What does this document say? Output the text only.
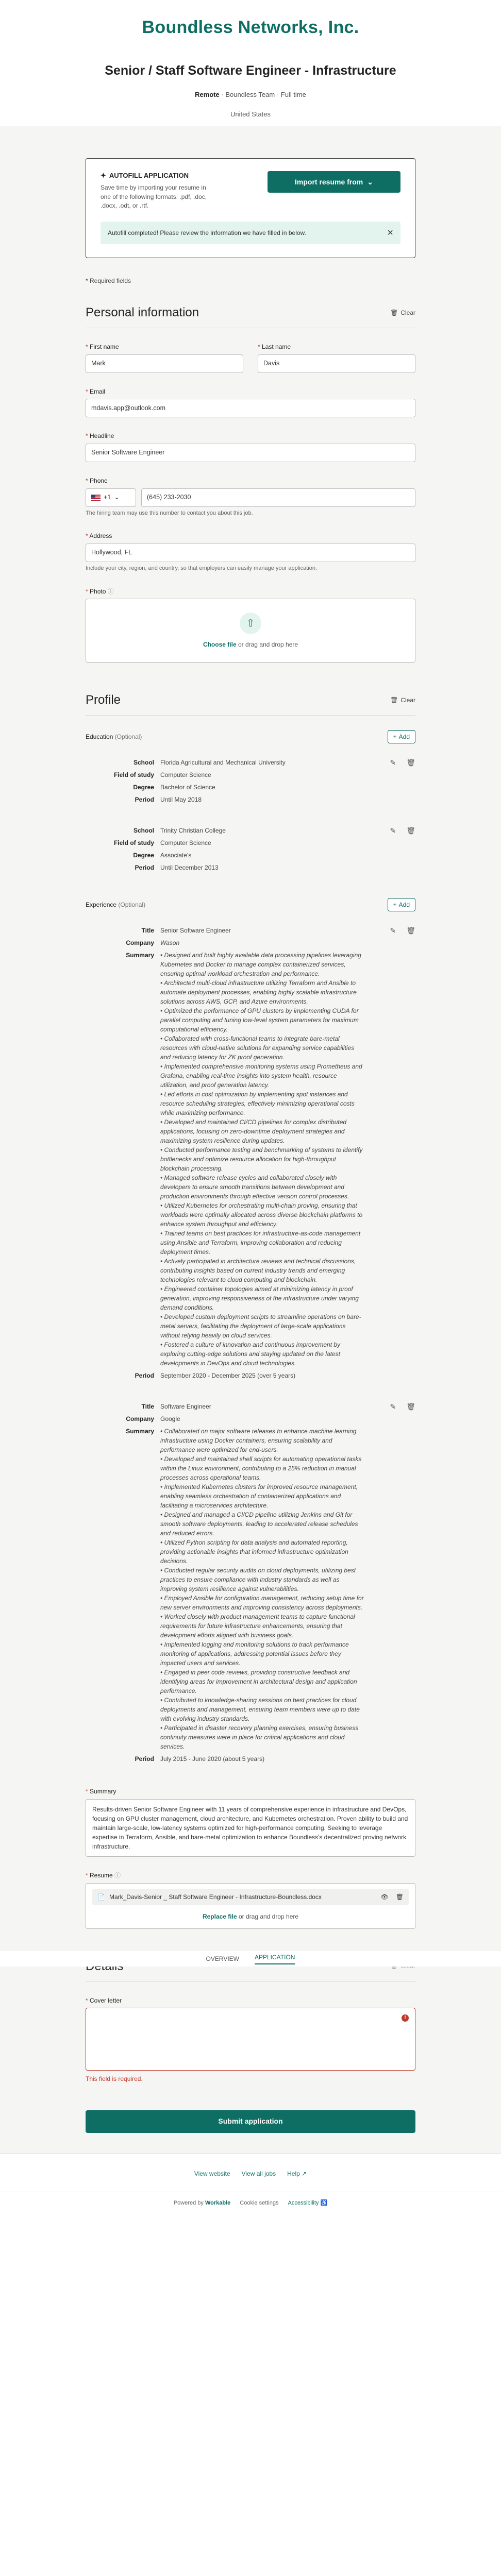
Boundless Networks, Inc.
Senior / Staff Software Engineer - Infrastructure
Remote · Boundless Team · Full time
United States
✦ AUTOFILL APPLICATION
Save time by importing your resume in one of the following formats: .pdf, .doc, .docx, .odt, or .rtf.
Import resume from ⌄
Autofill completed! Please review the information we have filled in below.	×
* Required fields
Personal information	🗑 Clear
* First name
Mark
* Last name
Davis
* Email
mdavis.app@outlook.com
* Headline
Senior Software Engineer
* Phone
+1 ⌄	(645) 233-2030
The hiring team may use this number to contact you about this job.
* Address
Hollywood, FL
Include your city, region, and country, so that employers can easily manage your application.
* Photo ⓘ
⇧
Choose file or drag and drop here
Profile	🗑 Clear
Education (Optional)	+ Add
School	Florida Agricultural and Mechanical University
Field of study	Computer Science
Degree	Bachelor of Science
Period	Until May 2018
✎ 🗑
School	Trinity Christian College
Field of study	Computer Science
Degree	Associate's
Period	Until December 2013
✎ 🗑
Experience (Optional)	+ Add
Title	Senior Software Engineer
Company	Wason
Summary	• Designed and built highly available data processing pipelines leveraging Kubernetes and Docker to manage complex containerized services, ensuring optimal workload orchestration and performance.
• Architected multi-cloud infrastructure utilizing Terraform and Ansible to automate deployment processes, enabling highly scalable infrastructure solutions across AWS, GCP, and Azure environments.
• Optimized the performance of GPU clusters by implementing CUDA for parallel computing and tuning low-level system parameters for maximum computational efficiency.
• Collaborated with cross-functional teams to integrate bare-metal resources with cloud-native solutions for expanding service capabilities and reducing latency for ZK proof generation.
• Implemented comprehensive monitoring systems using Prometheus and Grafana, enabling real-time insights into system health, resource utilization, and proof generation latency.
• Led efforts in cost optimization by implementing spot instances and resource scheduling strategies, effectively minimizing operational costs while maximizing performance.
• Developed and maintained CI/CD pipelines for complex distributed applications, focusing on zero-downtime deployment strategies and maximizing system resilience during updates.
• Conducted performance testing and benchmarking of systems to identify bottlenecks and optimize resource allocation for high-throughput blockchain processing.
• Managed software release cycles and collaborated closely with developers to ensure smooth transitions between development and production environments through effective version control processes.
• Utilized Kubernetes for orchestrating multi-chain proving, ensuring that workloads were optimally allocated across diverse blockchain platforms to enhance system throughput and efficiency.
• Trained teams on best practices for infrastructure-as-code management using Ansible and Terraform, improving collaboration and reducing deployment times.
• Actively participated in architecture reviews and technical discussions, contributing insights based on current industry trends and emerging technologies relevant to cloud computing and blockchain.
• Engineered container topologies aimed at minimizing latency in proof generation, improving responsiveness of the infrastructure under varying demand conditions.
• Developed custom deployment scripts to streamline operations on bare-metal servers, facilitating the deployment of large-scale applications without relying heavily on cloud services.
• Fostered a culture of innovation and continuous improvement by exploring cutting-edge solutions and staying updated on the latest developments in DevOps and cloud technologies.
Period	September 2020 - December 2025 (over 5 years)
✎ 🗑
Title	Software Engineer
Company	Google
Summary	• Collaborated on major software releases to enhance machine learning infrastructure using Docker containers, ensuring scalability and performance were optimized for end-users.
• Developed and maintained shell scripts for automating operational tasks within the Linux environment, contributing to a 25% reduction in manual processes across operational teams.
• Implemented Kubernetes clusters for improved resource management, enabling seamless orchestration of containerized applications and facilitating a microservices architecture.
• Designed and managed a CI/CD pipeline utilizing Jenkins and Git for smooth software deployments, leading to accelerated release schedules and reduced errors.
• Utilized Python scripting for data analysis and automated reporting, providing actionable insights that informed infrastructure optimization decisions.
• Conducted regular security audits on cloud deployments, utilizing best practices to ensure compliance with industry standards as well as improving system resilience against vulnerabilities.
• Employed Ansible for configuration management, reducing setup time for new server environments and improving consistency across deployments.
• Worked closely with product management teams to capture functional requirements for future infrastructure enhancements, ensuring that development efforts aligned with business goals.
• Implemented logging and monitoring solutions to track performance monitoring of applications, addressing potential issues before they impacted users and services.
• Engaged in peer code reviews, providing constructive feedback and identifying areas for improvement in architectural design and application performance.
• Contributed to knowledge-sharing sessions on best practices for cloud deployments and management, ensuring team members were up to date with evolving industry standards.
• Participated in disaster recovery planning exercises, ensuring business continuity measures were in place for critical applications and cloud services.
Period	July 2015 - June 2020 (about 5 years)
✎ 🗑
* Summary
Results-driven Senior Software Engineer with 11 years of comprehensive experience in infrastructure and DevOps, focusing on GPU cluster management, cloud architecture, and Kubernetes orchestration. Proven ability to build and maintain large-scale, low-latency systems optimized for high-performance computing. Seeking to leverage expertise in Terraform, Ansible, and bare-metal optimization to enhance Boundless's decentralized proving network infrastructure.
* Resume ⓘ
📄 Mark_Davis-Senior _ Staff Software Engineer - Infrastructure-Boundless.docx	👁 🗑
Replace file or drag and drop here
* Cover letter
!
This field is required.
Submit application
OVERVIEW	APPLICATION
View website View all jobs Help ↗
Powered by Workable Cookie settings Accessibility ♿
